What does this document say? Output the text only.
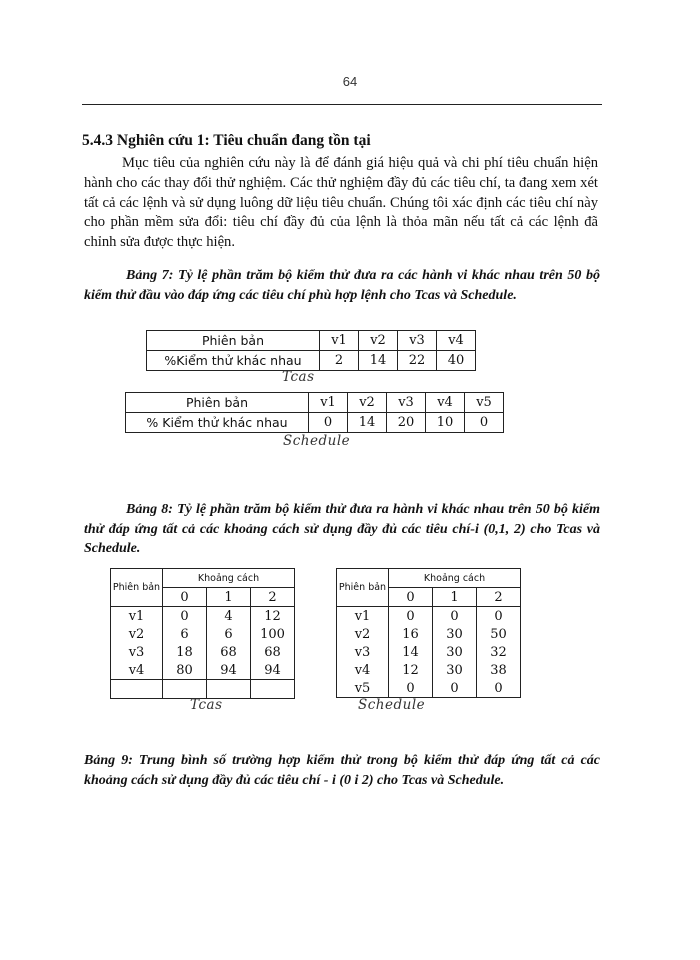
64
5.4.3 Nghiên cứu 1: Tiêu chuẩn đang tồn tại
Mục tiêu của nghiên cứu này là để đánh giá hiệu quả và chi phí tiêu chuẩn hiện hành cho các thay đổi thử nghiệm. Các thử nghiệm đầy đủ các tiêu chí, ta đang xem xét tất cả các lệnh và sử dụng luông dữ liệu tiêu chuẩn. Chúng tôi xác định các tiêu chí này cho phần mềm sửa đổi: tiêu chí đầy đủ của lệnh là thỏa mãn nếu tất cả các lệnh đã chỉnh sửa được thực hiện.
Bảng 7: Tỷ lệ phần trăm bộ kiểm thử đưa ra các hành vi khác nhau trên 50 bộ kiểm thử đầu vào đáp ứng các tiêu chí phù hợp lệnh cho Tcas và Schedule.
Phiên bản	v1	v2	v3	v4
%Kiểm thử khác nhau	2	14	22	40
Tcas
Phiên bản	v1	v2	v3	v4	v5
% Kiểm thử khác nhau	0	14	20	10	0
Schedule
Bảng 8: Tỷ lệ phần trăm bộ kiểm thử đưa ra hành vi khác nhau trên 50 bộ kiểm thử đáp ứng tất cả các khoảng cách sử dụng đầy đủ các tiêu chí-i (0,1, 2) cho Tcas và Schedule.
Phiên bản	Khoảng cách		
	0	1	2
v1	0	4	12
v2	6	6	100
v3	18	68	68
v4	80	94	94

Tcas
Phiên bản	Khoảng cách		
	0	1	2
v1	0	0	0
v2	16	30	50
v3	14	30	32
v4	12	30	38
v5	0	0	0
Schedule
Bảng 9: Trung bình số trường hợp kiểm thử trong bộ kiểm thử đáp ứng tất cả các khoảng cách sử dụng đầy đủ các tiêu chí - i (0 i 2) cho Tcas và Schedule.
